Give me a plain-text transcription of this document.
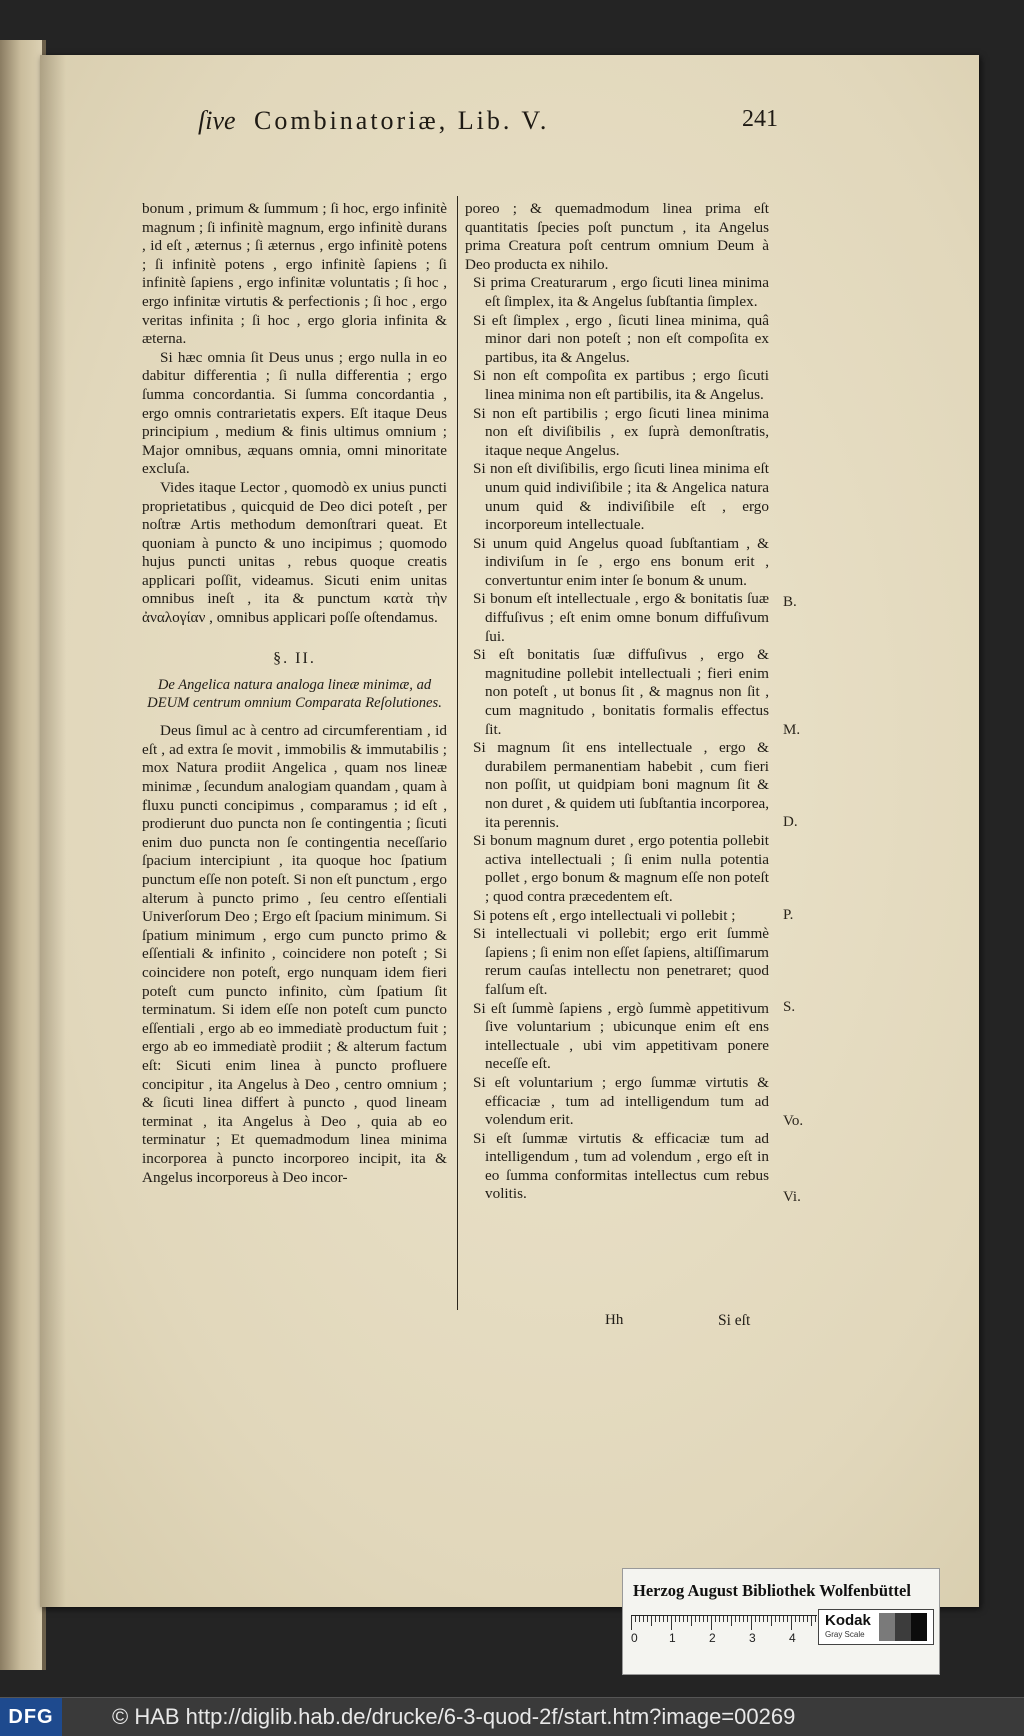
ſive Combinatoriæ, Lib. V.	241

bonum , primum & ſummum ; ſi hoc, ergo infinitè magnum ; ſi infinitè magnum, ergo infinitè durans , id eſt , æternus ; ſi æternus , ergo infinitè potens ; ſi infinitè potens , ergo infinitè ſapiens ; ſi infinitè ſapiens , ergo infinitæ voluntatis ; ſi hoc , ergo infinitæ virtutis & perfectionis ; ſi hoc , ergo veritas infinita ; ſi hoc , ergo gloria infinita & æterna.

Si hæc omnia ſit Deus unus ; ergo nulla in eo dabitur differentia ; ſi nulla differentia ; ergo ſumma concordantia. Si ſumma concordantia , ergo omnis contrarietatis expers. Eſt itaque Deus principium , medium & finis ultimus omnium ; Major omnibus, æquans omnia, omni minoritate excluſa.

Vides itaque Lector , quomodò ex unius puncti proprietatibus , quicquid de Deo dici poteſt , per noſtræ Artis methodum demonſtrari queat. Et quoniam à puncto & uno incipimus ; quomodo hujus puncti unitas , rebus quoque creatis applicari poſſit, videamus. Sicuti enim unitas omnibus ineſt , ita & punctum κατὰ τὴν ἀναλογίαν , omnibus applicari poſſe oſtendamus.

§. II.
De Angelica natura analoga lineæ minimæ, ad DEUM centrum omnium Comparata Reſolutiones.

Deus ſimul ac à centro ad circumferentiam , id eſt , ad extra ſe movit , immobilis & immutabilis ; mox Natura prodiit Angelica , quam nos lineæ minimæ , ſecundum analogiam quandam , quam à fluxu puncti concipimus , comparamus ; id eſt , prodierunt duo puncta non ſe contingentia ; ſicuti enim duo puncta non ſe contingentia neceſſario ſpacium intercipiunt , ita quoque hoc ſpatium punctum eſſe non poteſt. Si non eſt punctum , ergo alterum à puncto primo , ſeu centro eſſentiali Univerſorum Deo ; Ergo eſt ſpacium minimum. Si ſpatium minimum , ergo cum puncto primo & eſſentiali & infinito , coincidere non poteſt ; Si coincidere non poteſt, ergo nunquam idem fieri poteſt cum puncto infinito, cùm ſpatium ſit terminatum. Si idem eſſe non poteſt cum puncto eſſentiali , ergo ab eo immediatè productum fuit ; ergo ab eo immediatè prodiit ; & alterum factum eſt: Sicuti enim linea à puncto profluere concipitur , ita Angelus à Deo , centro omnium ; & ſicuti linea differt à puncto , quod lineam terminat , ita Angelus à Deo , quia ab eo terminatur ; Et quemadmodum linea minima incorporea à puncto incorporeo incipit, ita & Angelus incorporeus à Deo incor-

poreo ; & quemadmodum linea prima eſt quantitatis ſpecies poſt punctum , ita Angelus prima Creatura poſt centrum omnium Deum à Deo producta ex nihilo.

Si prima Creaturarum , ergo ſicuti linea minima eſt ſimplex, ita & Angelus ſubſtantia ſimplex.

Si eſt ſimplex , ergo , ſicuti linea minima, quâ minor dari non poteſt ; non eſt compoſita ex partibus, ita & Angelus.

Si non eſt compoſita ex partibus ; ergo ſicuti linea minima non eſt partibilis, ita & Angelus.

Si non eſt partibilis ; ergo ſicuti linea minima non eſt diviſibilis , ex ſuprà demonſtratis, itaque neque Angelus.

Si non eſt diviſibilis, ergo ſicuti linea minima eſt unum quid indiviſibile ; ita & Angelica natura unum quid & indiviſibile eſt , ergo incorporeum intellectuale.

Si unum quid Angelus quoad ſubſtantiam , & indiviſum in ſe , ergo ens bonum erit , convertuntur enim inter ſe bonum & unum.

Si bonum eſt intellectuale , ergo & bonitatis ſuæ diffuſivus ; eſt enim omne bonum diffuſivum ſui.

Si eſt bonitatis ſuæ diffuſivus , ergo & magnitudine pollebit intellectuali ; fieri enim non poteſt , ut bonus ſit , & magnus non ſit , cum magnitudo , bonitatis formalis effectus ſit.

Si magnum ſit ens intellectuale , ergo & durabilem permanentiam habebit , cum fieri non poſſit, ut quidpiam boni magnum ſit & non duret , & quidem uti ſubſtantia incorporea, ita perennis.

Si bonum magnum duret , ergo potentia pollebit activa intellectuali ; ſi enim nulla potentia pollet , ergo bonum & magnum eſſe non poteſt ; quod contra præcedentem eſt.

Si potens eſt , ergo intellectuali vi pollebit ;

Si intellectuali vi pollebit; ergo erit ſummè ſapiens ; ſi enim non eſſet ſapiens, altiſſimarum rerum cauſas intellectu non penetraret; quod falſum eſt.

Si eſt ſummè ſapiens , ergò ſummè appetitivum ſive voluntarium ; ubicunque enim eſt ens intellectuale , ubi vim appetitivam ponere neceſſe eſt.

Si eſt voluntarium ; ergo ſummæ virtutis & efficaciæ , tum ad intelligendum tum ad volendum erit.

Si eſt ſummæ virtutis & efficaciæ tum ad intelligendum , tum ad volendum , ergo eſt in eo ſumma conformitas intellectus cum rebus volitis.

B.
M.
D.
P.
S.
Vo.
Vi.
Hh	Si eſt
Herzog August Bibliothek Wolfenbüttel
0	1	2	3	4
Kodak
Gray Scale
DFG	© HAB http://diglib.hab.de/drucke/6-3-quod-2f/start.htm?image=00269
